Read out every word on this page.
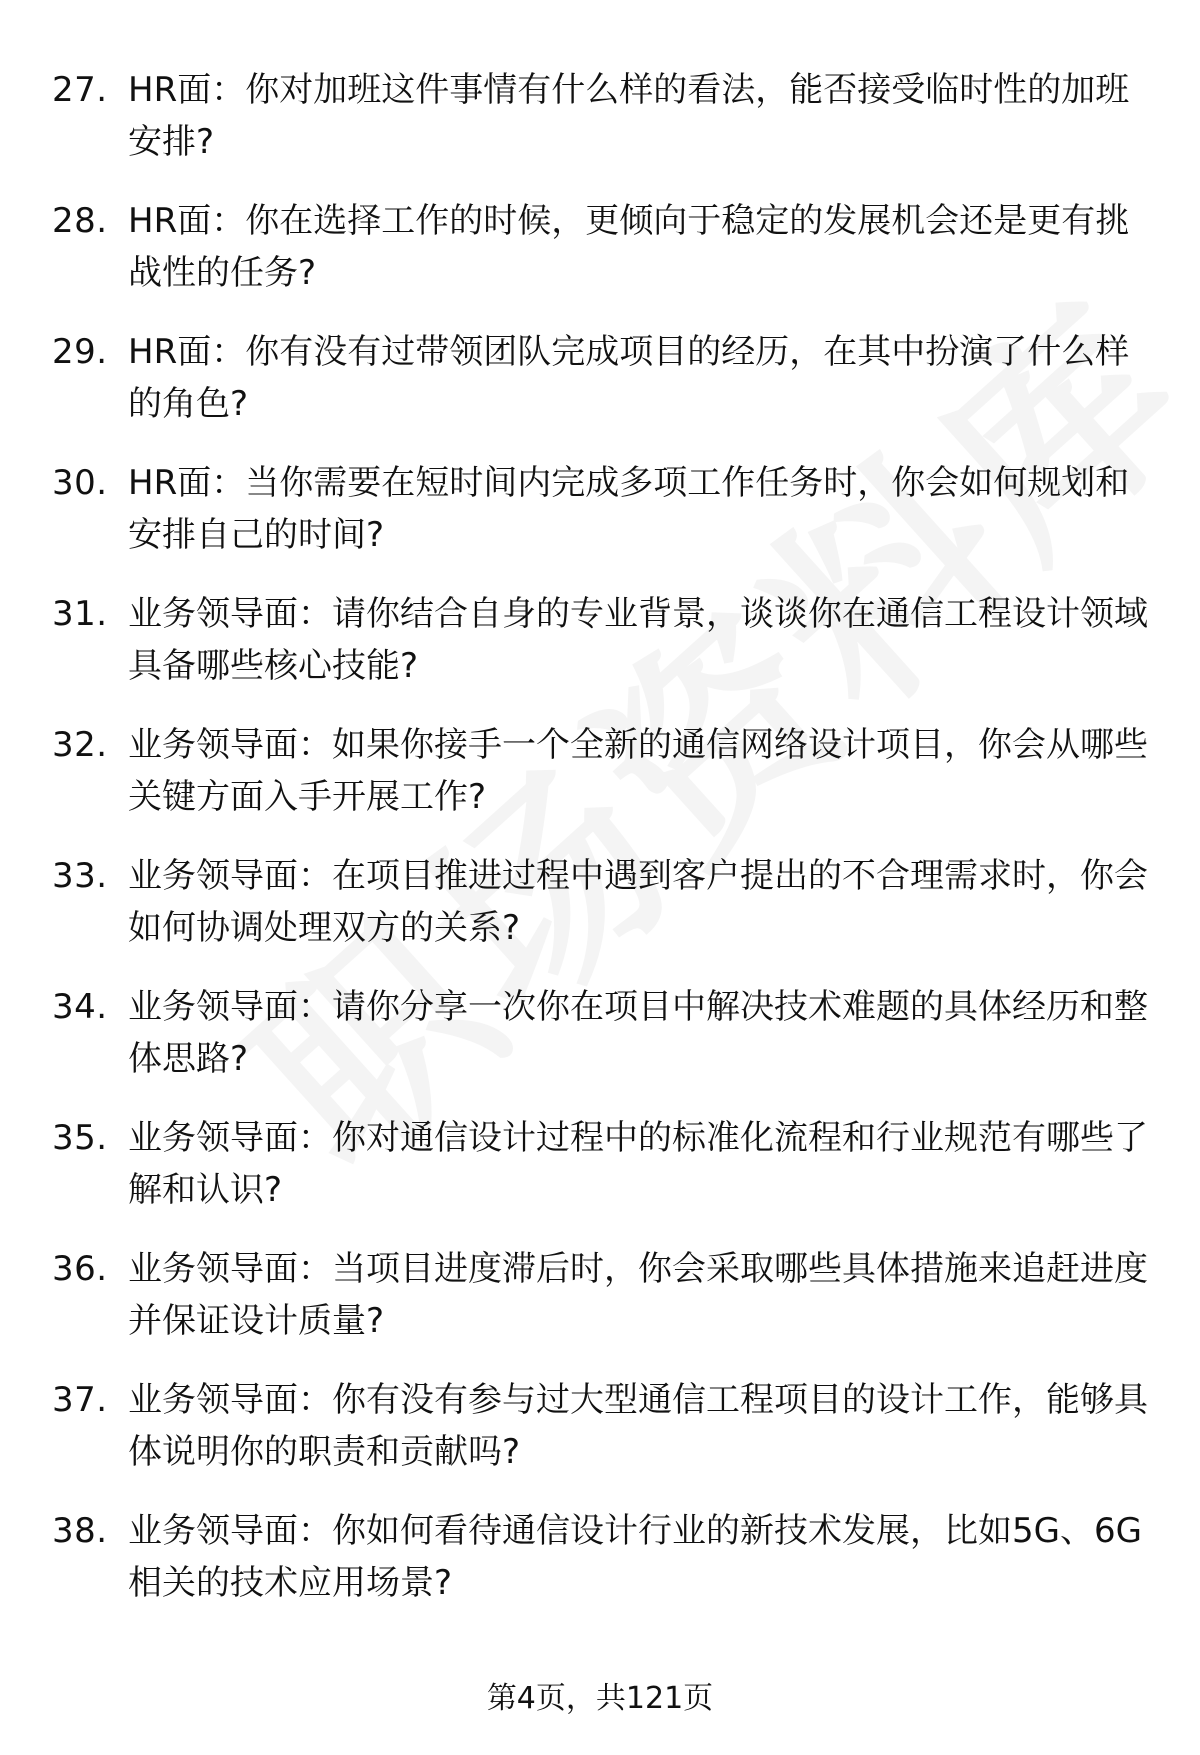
27. HR面：你对加班这件事情有什么样的看法，能否接受临时性的加班安排?
28. HR面：你在选择工作的时候，更倾向于稳定的发展机会还是更有挑战性的任务?
29. HR面：你有没有过带领团队完成项目的经历，在其中扮演了什么样的角色?
30. HR面：当你需要在短时间内完成多项工作任务时，你会如何规划和安排自己的时间?
31. 业务领导面：请你结合自身的专业背景，谈谈你在通信工程设计领域具备哪些核心技能?
32. 业务领导面：如果你接手一个全新的通信网络设计项目，你会从哪些关键方面入手开展工作?
33. 业务领导面：在项目推进过程中遇到客户提出的不合理需求时，你会如何协调处理双方的关系?
34. 业务领导面：请你分享一次你在项目中解决技术难题的具体经历和整体思路?
35. 业务领导面：你对通信设计过程中的标准化流程和行业规范有哪些了解和认识?
36. 业务领导面：当项目进度滞后时，你会采取哪些具体措施来追赶进度并保证设计质量?
37. 业务领导面：你有没有参与过大型通信工程项目的设计工作，能够具体说明你的职责和贡献吗?
38. 业务领导面：你如何看待通信设计行业的新技术发展，比如5G、6G相关的技术应用场景?
第4页，共121页
